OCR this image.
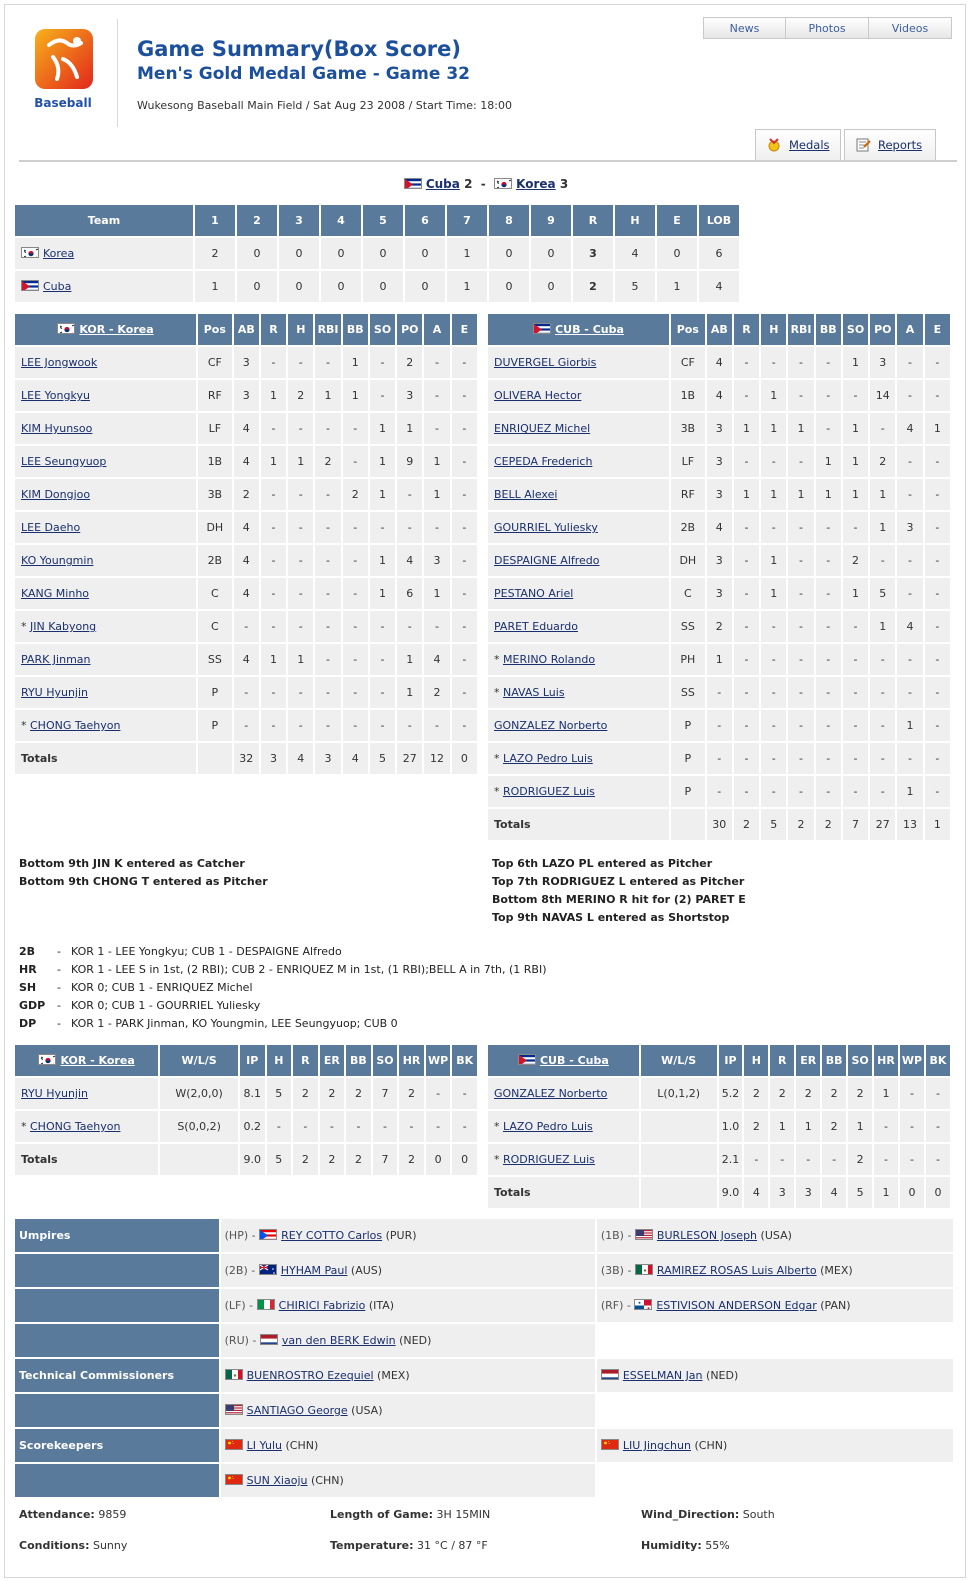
Baseball
Game Summary(Box Score)
Men's Gold Medal Game - Game 32
Wukesong Baseball Main Field / Sat Aug 23 2008 / Start Time: 18:00
News	Photos	Videos
Medals	Reports
Cuba 2 -	Korea 3
Team	1	2	3	4	5	6	7	8	9	R	H	E	LOB
Korea	2	0	0	0	0	0	1	0	0	3	4	0	6
Cuba	1	0	0	0	0	0	1	0	0	2	5	1	4
KOR - Korea	Pos	AB	R	H	RBI	BB	SO	PO	A	E
LEE Jongwook	CF	3	-	-	-	1	-	2	-	-
LEE Yongkyu	RF	3	1	2	1	1	-	3	-	-
KIM Hyunsoo	LF	4	-	-	-	-	1	1	-	-
LEE Seungyuop	1B	4	1	1	2	-	1	9	1	-
KIM Dongjoo	3B	2	-	-	-	2	1	-	1	-
LEE Daeho	DH	4	-	-	-	-	-	-	-	-
KO Youngmin	2B	4	-	-	-	-	1	4	3	-
KANG Minho	C	4	-	-	-	-	1	6	1	-
* JIN Kabyong	C	-	-	-	-	-	-	-	-	-
PARK Jinman	SS	4	1	1	-	-	-	1	4	-
RYU Hyunjin	P	-	-	-	-	-	-	1	2	-
* CHONG Taehyon	P	-	-	-	-	-	-	-	-	-
Totals		32	3	4	3	4	5	27	12	0
CUB - Cuba	Pos	AB	R	H	RBI	BB	SO	PO	A	E
DUVERGEL Giorbis	CF	4	-	-	-	-	1	3	-	-
OLIVERA Hector	1B	4	-	1	-	-	-	14	-	-
ENRIQUEZ Michel	3B	3	1	1	1	-	1	-	4	1
CEPEDA Frederich	LF	3	-	-	-	1	1	2	-	-
BELL Alexei	RF	3	1	1	1	1	1	1	-	-
GOURRIEL Yuliesky	2B	4	-	-	-	-	-	1	3	-
DESPAIGNE Alfredo	DH	3	-	1	-	-	2	-	-	-
PESTANO Ariel	C	3	-	1	-	-	1	5	-	-
PARET Eduardo	SS	2	-	-	-	-	-	1	4	-
* MERINO Rolando	PH	1	-	-	-	-	-	-	-	-
* NAVAS Luis	SS	-	-	-	-	-	-	-	-	-
GONZALEZ Norberto	P	-	-	-	-	-	-	-	1	-
* LAZO Pedro Luis	P	-	-	-	-	-	-	-	-	-
* RODRIGUEZ Luis	P	-	-	-	-	-	-	-	1	-
Totals		30	2	5	2	2	7	27	13	1
Bottom 9th JIN K entered as Catcher
Bottom 9th CHONG T entered as Pitcher
Top 6th LAZO PL entered as Pitcher
Top 7th RODRIGUEZ L entered as Pitcher
Bottom 8th MERINO R hit for (2) PARET E
Top 9th NAVAS L entered as Shortstop
2B - KOR 1 - LEE Yongkyu; CUB 1 - DESPAIGNE Alfredo
HR - KOR 1 - LEE S in 1st, (2 RBI); CUB 2 - ENRIQUEZ M in 1st, (1 RBI);BELL A in 7th, (1 RBI)
SH - KOR 0; CUB 1 - ENRIQUEZ Michel
GDP - KOR 0; CUB 1 - GOURRIEL Yuliesky
DP - KOR 1 - PARK Jinman, KO Youngmin, LEE Seungyuop; CUB 0
KOR - Korea	W/L/S	IP	H	R	ER	BB	SO	HR	WP	BK
RYU Hyunjin	W(2,0,0)	8.1	5	2	2	2	7	2	-	-
* CHONG Taehyon	S(0,0,2)	0.2	-	-	-	-	-	-	-	-
Totals		9.0	5	2	2	2	7	2	0	0
CUB - Cuba	W/L/S	IP	H	R	ER	BB	SO	HR	WP	BK
GONZALEZ Norberto	L(0,1,2)	5.2	2	2	2	2	2	1	-	-
* LAZO Pedro Luis		1.0	2	1	1	2	1	-	-	-
* RODRIGUEZ Luis		2.1	-	-	-	-	2	-	-	-
Totals		9.0	4	3	3	4	5	1	0	0
Umpires	(HP) - REY COTTO Carlos (PUR)	(1B) - BURLESON Joseph (USA)
	(2B) - HYHAM Paul (AUS)	(3B) - RAMIREZ ROSAS Luis Alberto (MEX)
	(LF) - CHIRICI Fabrizio (ITA)	(RF) - ESTIVISON ANDERSON Edgar (PAN)
	(RU) - van den BERK Edwin (NED)	
Technical Commissioners	BUENROSTRO Ezequiel (MEX)	ESSELMAN Jan (NED)
	SANTIAGO George (USA)	
Scorekeepers	LI Yulu (CHN)	LIU Jingchun (CHN)
	SUN Xiaoju (CHN)	
Attendance: 9859	Length of Game: 3H 15MIN	Wind_Direction: South
Conditions: Sunny	Temperature: 31 °C / 87 °F	Humidity: 55%
